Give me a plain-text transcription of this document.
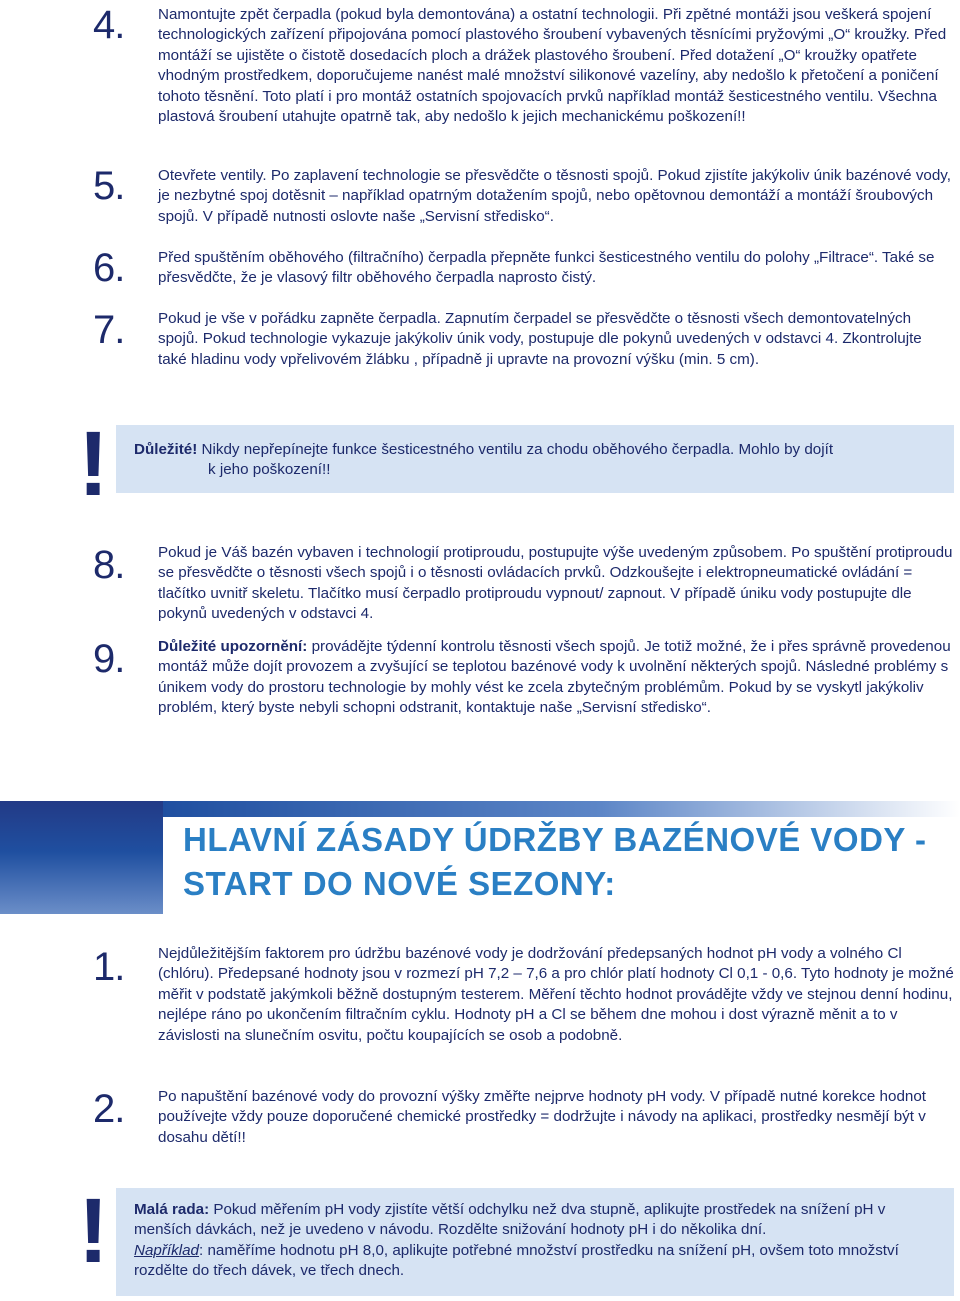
4.	Namontujte zpět čerpadla (pokud byla demontována) a ostatní technologii. Při zpětné montáži jsou veškerá spojení technologických zařízení připojována pomocí plastového šroubení vybavených těsnícími pryžovými „O“ kroužky. Před montáží se ujistěte o čistotě dosedacích ploch a drážek plastového šroubení. Před dotažení „O“ kroužky opatřete vhodným prostředkem, doporučujeme nanést malé množství silikonové vazelíny, aby nedošlo k přetočení a poničení tohoto těsnění. Toto platí i pro montáž ostatních spojovacích prvků například montáž šesticestného ventilu. Všechna plastová šroubení utahujte opatrně tak, aby nedošlo k jejich mechanickému poškození!!

5.	Otevřete ventily. Po zaplavení technologie se přesvědčte o těsnosti spojů. Pokud zjistíte jakýkoliv únik bazénové vody, je nezbytné spoj dotěsnit – například opatrným dotažením spojů, nebo opětovnou demontáží a montáží šroubových spojů. V případě nutnosti oslovte naše „Servisní středisko“.

6.	Před spuštěním oběhového (filtračního) čerpadla přepněte funkci šesticestného ventilu do polohy „Filtrace“. Také se přesvědčte, že je vlasový filtr oběhového čerpadla naprosto čistý.

7.	Pokud je vše v pořádku zapněte čerpadla. Zapnutím čerpadel se přesvědčte o těsnosti všech demontovatelných spojů. Pokud technologie vykazuje jakýkoliv únik vody, postupuje dle pokynů uvedených v odstavci 4. Zkontrolujte také hladinu vody vpřelivovém žlábku , případně ji upravte na provozní výšku (min. 5 cm).

! Důležité! Nikdy nepřepínejte funkce šesticestného ventilu za chodu oběhového čerpadla. Mohlo by dojít

k jeho poškození!!

8.	Pokud je Váš bazén vybaven i technologií protiproudu, postupujte výše uvedeným způsobem. Po spuštění protiproudu se přesvědčte o těsnosti všech spojů i o těsnosti ovládacích prvků. Odzkoušejte i elektropneumatické ovládání = tlačítko uvnitř skeletu. Tlačítko musí čerpadlo protiproudu vypnout/ zapnout. V případě úniku vody postupujte dle pokynů uvedených v odstavci 4.

9.	Důležité upozornění: provádějte týdenní kontrolu těsnosti všech spojů. Je totiž možné, že i přes správně provedenou montáž může dojít provozem a zvyšující se teplotou bazénové vody k uvolnění některých spojů. Následné problémy s únikem vody do prostoru technologie by mohly vést ke zcela zbytečným problémům. Pokud by se vyskytl jakýkoliv problém, který byste nebyli schopni odstranit, kontaktuje naše „Servisní středisko“.

HLAVNÍ ZÁSADY ÚDRŽBY BAZÉNOVÉ VODY -
START DO NOVÉ SEZONY:
1.	Nejdůležitějším faktorem pro údržbu bazénové vody je dodržování předepsaných hodnot pH vody a volného Cl (chlóru). Předepsané hodnoty jsou v rozmezí pH 7,2 – 7,6 a pro chlór platí hodnoty Cl 0,1 - 0,6. Tyto hodnoty je možné měřit v podstatě jakýmkoli běžně dostupným testerem. Měření těchto hodnot provádějte vždy ve stejnou denní hodinu, nejlépe ráno po ukončením filtračním cyklu. Hodnoty pH a Cl se během dne mohou i dost výrazně měnit a to v závislosti na slunečním osvitu, počtu koupajících se osob a podobně.

2.	Po napuštění bazénové vody do provozní výšky změřte nejprve hodnoty pH vody. V případě nutné korekce hodnot používejte vždy pouze doporučené chemické prostředky = dodržujte i návody na aplikaci, prostředky nesmějí být v dosahu dětí!!

! Malá rada: Pokud měřením pH vody zjistíte větší odchylku než dva stupně, aplikujte prostředek na snížení pH v menších dávkách, než je uvedeno v návodu. Rozdělte snižování hodnoty pH i do několika dní.

Například: naměříme hodnotu pH 8,0, aplikujte potřebné množství prostředku na snížení pH, ovšem toto množství rozdělte do třech dávek, ve třech dnech.
